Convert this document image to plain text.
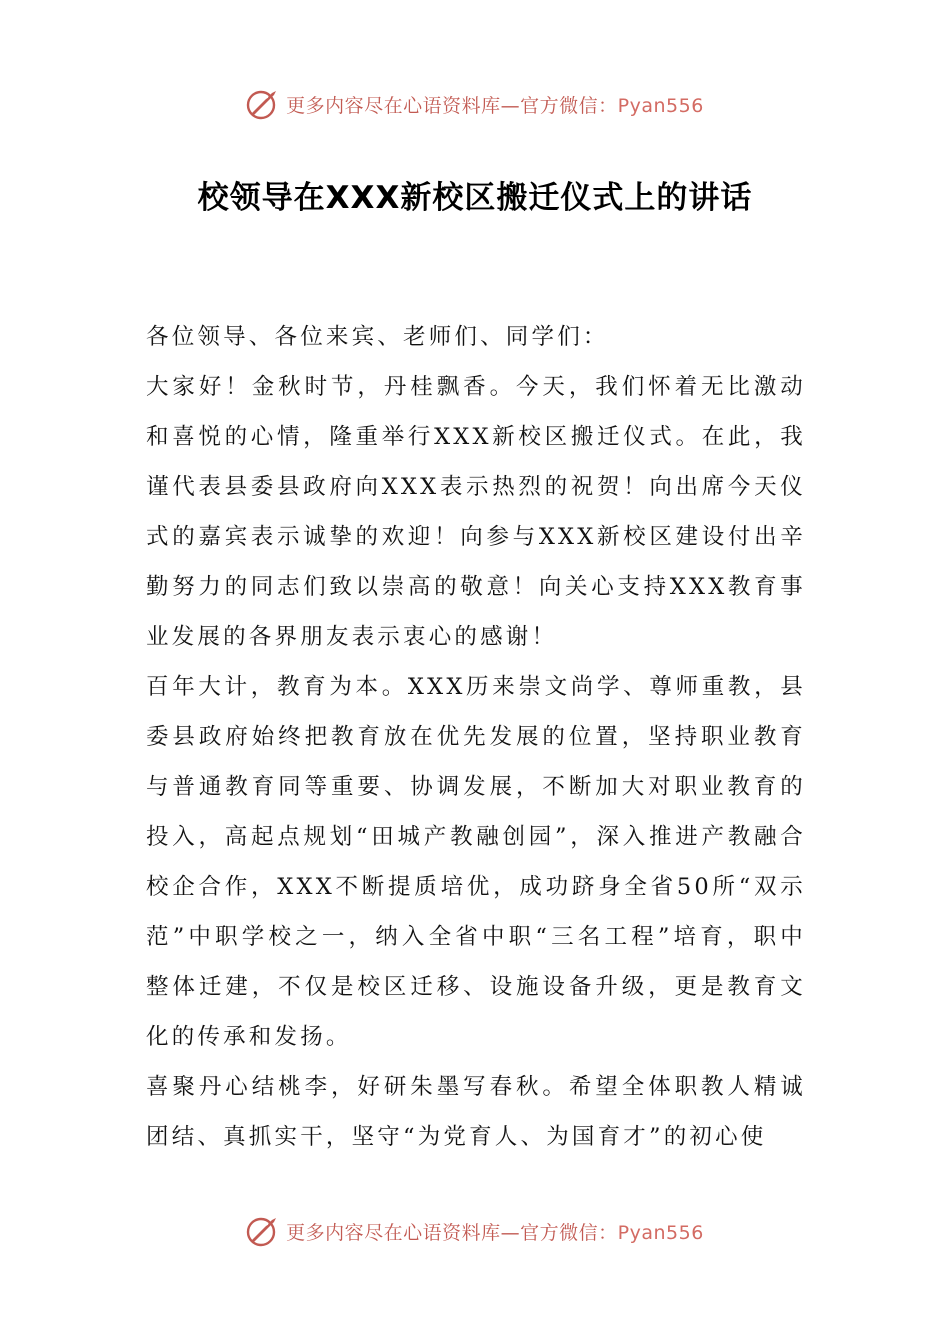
更多内容尽在心语资料库—官方微信：Pyan556
校领导在XXX新校区搬迁仪式上的讲话

各位领导、各位来宾、老师们、同学们：

大家好！金秋时节，丹桂飘香。今天，我们怀着无比激动和喜悦的心情，隆重举行XXX新校区搬迁仪式。在此，我谨代表县委县政府向XXX表示热烈的祝贺！向出席今天仪式的嘉宾表示诚挚的欢迎！向参与XXX新校区建设付出辛勤努力的同志们致以崇高的敬意！向关心支持XXX教育事业发展的各界朋友表示衷心的感谢！

百年大计，教育为本。XXX历来崇文尚学、尊师重教，县委县政府始终把教育放在优先发展的位置，坚持职业教育与普通教育同等重要、协调发展，不断加大对职业教育的投入，高起点规划“田城产教融创园”，深入推进产教融合校企合作，XXX不断提质培优，成功跻身全省50所“双示范”中职学校之一，纳入全省中职“三名工程”培育，职中整体迁建，不仅是校区迁移、设施设备升级，更是教育文化的传承和发扬。

喜聚丹心结桃李，好研朱墨写春秋。希望全体职教人精诚团结、真抓实干，坚守“为党育人、为国育才”的初心使

更多内容尽在心语资料库—官方微信：Pyan556
